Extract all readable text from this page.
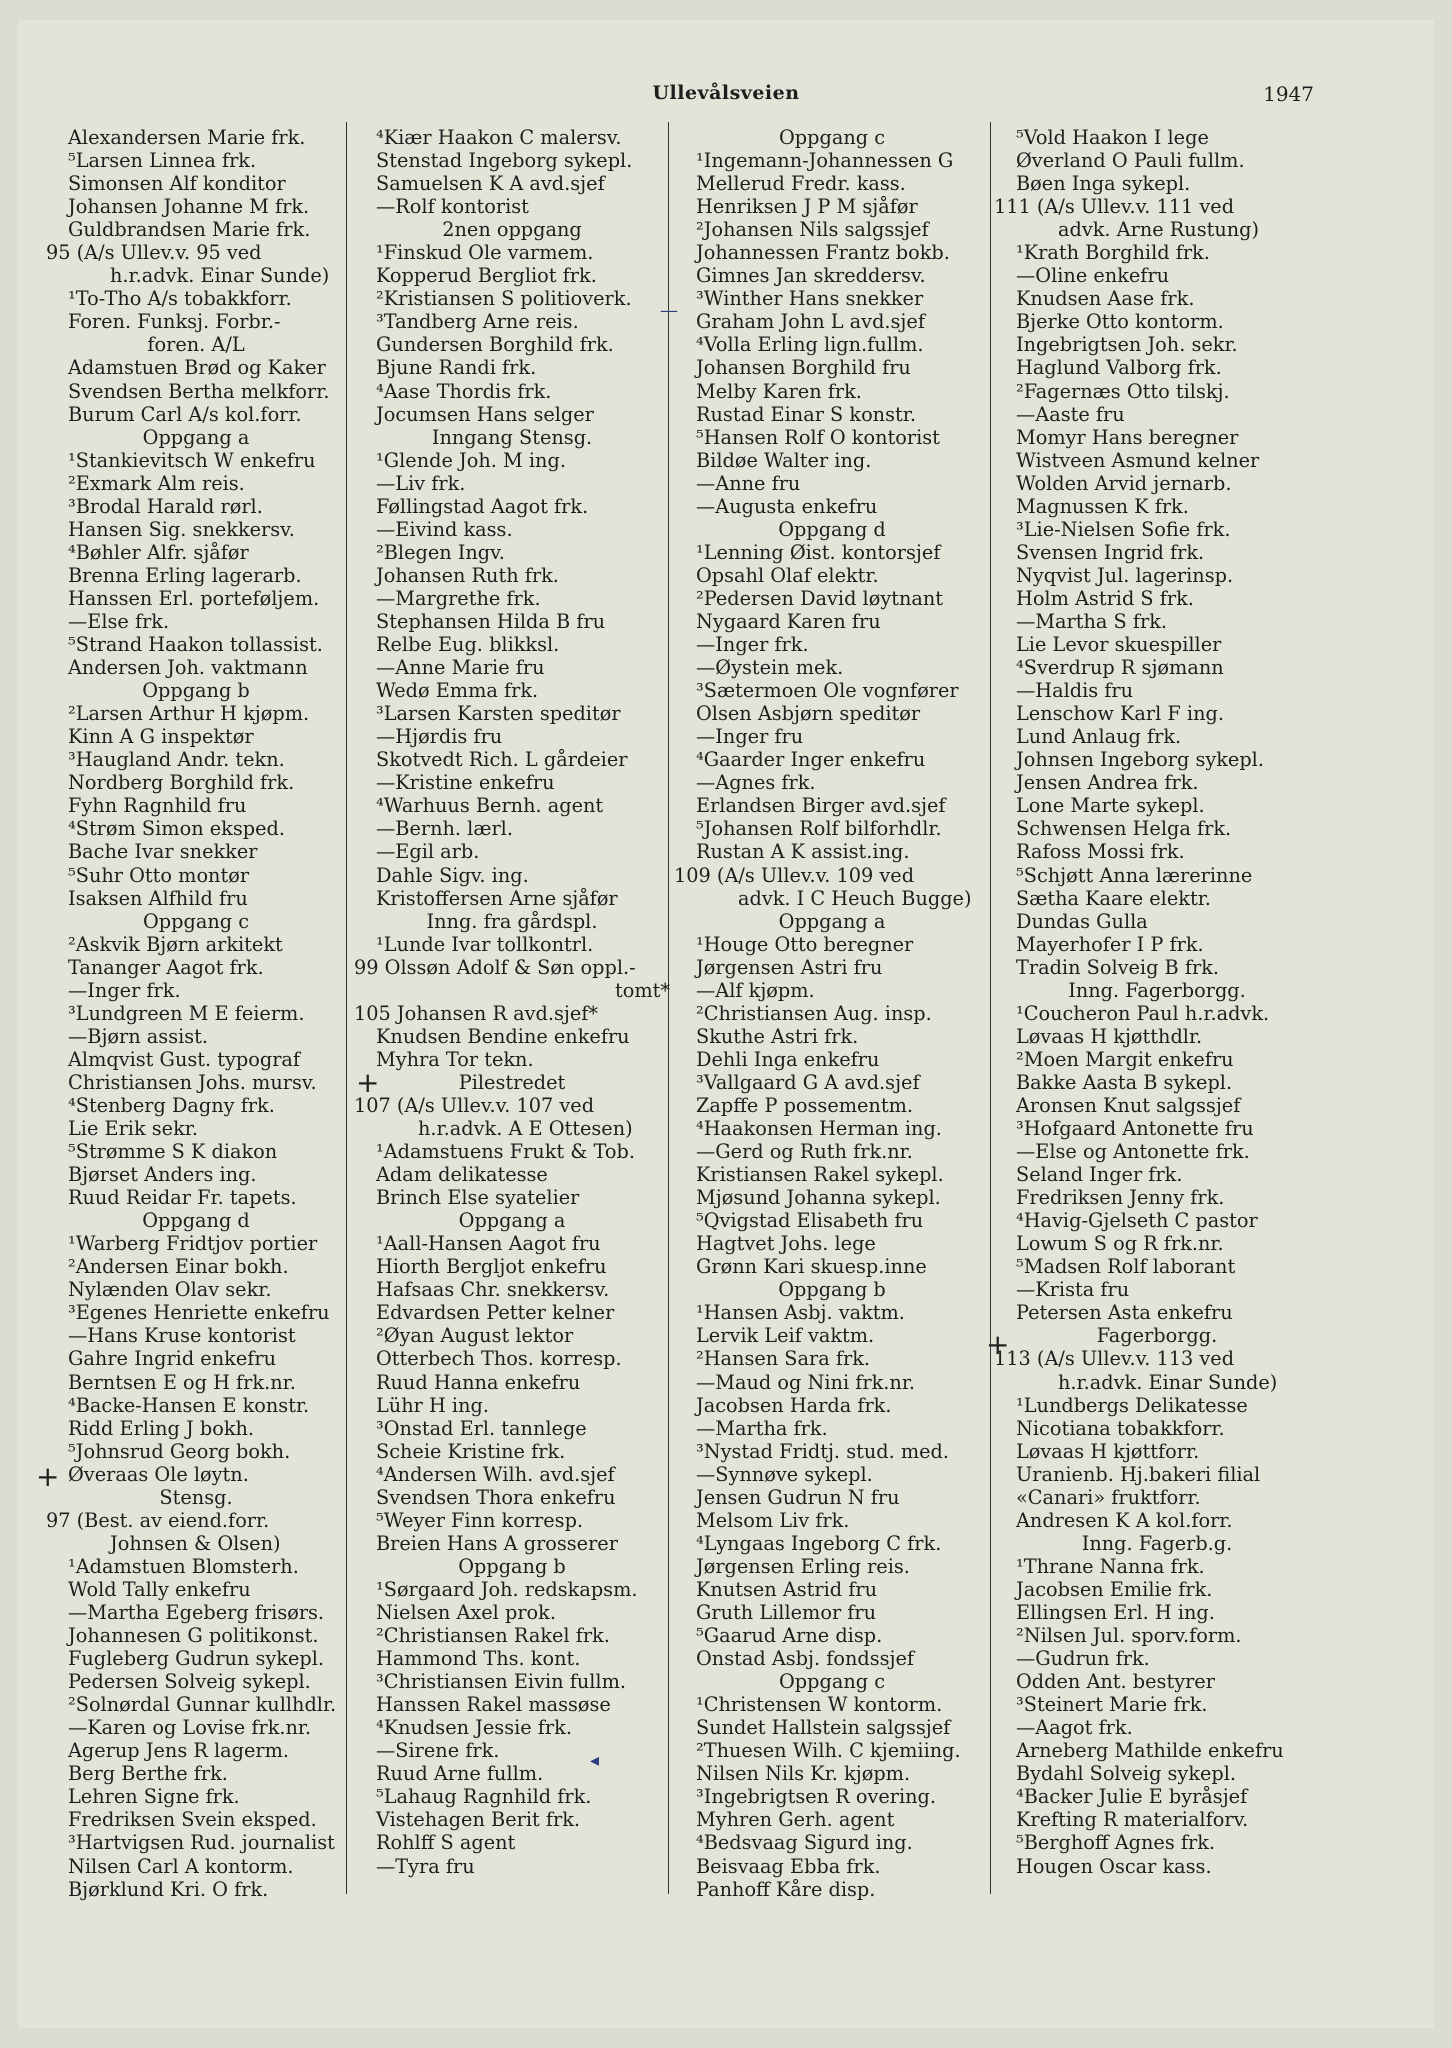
Ullevålsveien	1947
Alexandersen Marie frk.
⁵Larsen Linnea frk.
Simonsen Alf konditor
Johansen Johanne M frk.
Guldbrandsen Marie frk.
95 (A/s Ullev.v. 95 ved
h.r.advk. Einar Sunde)
¹To-Tho A/s tobakkforr.
Foren. Funksj. Forbr.-
foren. A/L
Adamstuen Brød og Kaker
Svendsen Bertha melkforr.
Burum Carl A/s kol.forr.
Oppgang a
¹Stankievitsch W enkefru
²Exmark Alm reis.
³Brodal Harald rørl.
Hansen Sig. snekkersv.
⁴Bøhler Alfr. sjåfør
Brenna Erling lagerarb.
Hanssen Erl. porteføljem.
—Else frk.
⁵Strand Haakon tollassist.
Andersen Joh. vaktmann
Oppgang b
²Larsen Arthur H kjøpm.
Kinn A G inspektør
³Haugland Andr. tekn.
Nordberg Borghild frk.
Fyhn Ragnhild fru
⁴Strøm Simon eksped.
Bache Ivar snekker
⁵Suhr Otto montør
Isaksen Alfhild fru
Oppgang c
²Askvik Bjørn arkitekt
Tananger Aagot frk.
—Inger frk.
³Lundgreen M E feierm.
—Bjørn assist.
Almqvist Gust. typograf
Christiansen Johs. mursv.
⁴Stenberg Dagny frk.
Lie Erik sekr.
⁵Strømme S K diakon
Bjørset Anders ing.
Ruud Reidar Fr. tapets.
Oppgang d
¹Warberg Fridtjov portier
²Andersen Einar bokh.
Nylænden Olav sekr.
³Egenes Henriette enkefru
—Hans Kruse kontorist
Gahre Ingrid enkefru
Berntsen E og H frk.nr.
⁴Backe-Hansen E konstr.
Ridd Erling J bokh.
⁵Johnsrud Georg bokh.
Øveraas Ole løytn.
Stensg.
97 (Best. av eiend.forr.
Johnsen & Olsen)
¹Adamstuen Blomsterh.
Wold Tally enkefru
—Martha Egeberg frisørs.
Johannesen G politikonst.
Fugleberg Gudrun sykepl.
Pedersen Solveig sykepl.
²Solnørdal Gunnar kullhdlr.
—Karen og Lovise frk.nr.
Agerup Jens R lagerm.
Berg Berthe frk.
Lehren Signe frk.
Fredriksen Svein eksped.
³Hartvigsen Rud. journalist
Nilsen Carl A kontorm.
Bjørklund Kri. O frk.
⁴Kiær Haakon C malersv.
Stenstad Ingeborg sykepl.
Samuelsen K A avd.sjef
—Rolf kontorist
2nen oppgang
¹Finskud Ole varmem.
Kopperud Bergliot frk.
²Kristiansen S politioverk.
³Tandberg Arne reis.
Gundersen Borghild frk.
Bjune Randi frk.
⁴Aase Thordis frk.
Jocumsen Hans selger
Inngang Stensg.
¹Glende Joh. M ing.
—Liv frk.
Føllingstad Aagot frk.
—Eivind kass.
²Blegen Ingv.
Johansen Ruth frk.
—Margrethe frk.
Stephansen Hilda B fru
Relbe Eug. blikksl.
—Anne Marie fru
Wedø Emma frk.
³Larsen Karsten speditør
—Hjørdis fru
Skotvedt Rich. L gårdeier
—Kristine enkefru
⁴Warhuus Bernh. agent
—Bernh. lærl.
—Egil arb.
Dahle Sigv. ing.
Kristoffersen Arne sjåfør
Inng. fra gårdspl.
¹Lunde Ivar tollkontrl.
99 Olssøn Adolf & Søn oppl.-
tomt*
105 Johansen R avd.sjef*
Knudsen Bendine enkefru
Myhra Tor tekn.
Pilestredet
107 (A/s Ullev.v. 107 ved
h.r.advk. A E Ottesen)
¹Adamstuens Frukt & Tob.
Adam delikatesse
Brinch Else syatelier
Oppgang a
¹Aall-Hansen Aagot fru
Hiorth Bergljot enkefru
Hafsaas Chr. snekkersv.
Edvardsen Petter kelner
²Øyan August lektor
Otterbech Thos. korresp.
Ruud Hanna enkefru
Lühr H ing.
³Onstad Erl. tannlege
Scheie Kristine frk.
⁴Andersen Wilh. avd.sjef
Svendsen Thora enkefru
⁵Weyer Finn korresp.
Breien Hans A grosserer
Oppgang b
¹Sørgaard Joh. redskapsm.
Nielsen Axel prok.
²Christiansen Rakel frk.
Hammond Ths. kont.
³Christiansen Eivin fullm.
Hanssen Rakel massøse
⁴Knudsen Jessie frk.
—Sirene frk.
Ruud Arne fullm.
⁵Lahaug Ragnhild frk.
Vistehagen Berit frk.
Rohlff S agent
—Tyra fru
Oppgang c
¹Ingemann-Johannessen G
Mellerud Fredr. kass.
Henriksen J P M sjåfør
²Johansen Nils salgssjef
Johannessen Frantz bokb.
Gimnes Jan skreddersv.
³Winther Hans snekker
Graham John L avd.sjef
⁴Volla Erling lign.fullm.
Johansen Borghild fru
Melby Karen frk.
Rustad Einar S konstr.
⁵Hansen Rolf O kontorist
Bildøe Walter ing.
—Anne fru
—Augusta enkefru
Oppgang d
¹Lenning Øist. kontorsjef
Opsahl Olaf elektr.
²Pedersen David løytnant
Nygaard Karen fru
—Inger frk.
—Øystein mek.
³Sætermoen Ole vognfører
Olsen Asbjørn speditør
—Inger fru
⁴Gaarder Inger enkefru
—Agnes frk.
Erlandsen Birger avd.sjef
⁵Johansen Rolf bilforhdlr.
Rustan A K assist.ing.
109 (A/s Ullev.v. 109 ved
advk. I C Heuch Bugge)
Oppgang a
¹Houge Otto beregner
Jørgensen Astri fru
—Alf kjøpm.
²Christiansen Aug. insp.
Skuthe Astri frk.
Dehli Inga enkefru
³Vallgaard G A avd.sjef
Zapffe P possementm.
⁴Haakonsen Herman ing.
—Gerd og Ruth frk.nr.
Kristiansen Rakel sykepl.
Mjøsund Johanna sykepl.
⁵Qvigstad Elisabeth fru
Hagtvet Johs. lege
Grønn Kari skuesp.inne
Oppgang b
¹Hansen Asbj. vaktm.
Lervik Leif vaktm.
²Hansen Sara frk.
—Maud og Nini frk.nr.
Jacobsen Harda frk.
—Martha frk.
³Nystad Fridtj. stud. med.
—Synnøve sykepl.
Jensen Gudrun N fru
Melsom Liv frk.
⁴Lyngaas Ingeborg C frk.
Jørgensen Erling reis.
Knutsen Astrid fru
Gruth Lillemor fru
⁵Gaarud Arne disp.
Onstad Asbj. fondssjef
Oppgang c
¹Christensen W kontorm.
Sundet Hallstein salgssjef
²Thuesen Wilh. C kjemiing.
Nilsen Nils Kr. kjøpm.
³Ingebrigtsen R overing.
Myhren Gerh. agent
⁴Bedsvaag Sigurd ing.
Beisvaag Ebba frk.
Panhoff Kåre disp.
⁵Vold Haakon I lege
Øverland O Pauli fullm.
Bøen Inga sykepl.
111 (A/s Ullev.v. 111 ved
advk. Arne Rustung)
¹Krath Borghild frk.
—Oline enkefru
Knudsen Aase frk.
Bjerke Otto kontorm.
Ingebrigtsen Joh. sekr.
Haglund Valborg frk.
²Fagernæs Otto tilskj.
—Aaste fru
Momyr Hans beregner
Wistveen Asmund kelner
Wolden Arvid jernarb.
Magnussen K frk.
³Lie-Nielsen Sofie frk.
Svensen Ingrid frk.
Nyqvist Jul. lagerinsp.
Holm Astrid S frk.
—Martha S frk.
Lie Levor skuespiller
⁴Sverdrup R sjømann
—Haldis fru
Lenschow Karl F ing.
Lund Anlaug frk.
Johnsen Ingeborg sykepl.
Jensen Andrea frk.
Lone Marte sykepl.
Schwensen Helga frk.
Rafoss Mossi frk.
⁵Schjøtt Anna lærerinne
Sætha Kaare elektr.
Dundas Gulla
Mayerhofer I P frk.
Tradin Solveig B frk.
Inng. Fagerborgg.
¹Coucheron Paul h.r.advk.
Løvaas H kjøtthdlr.
²Moen Margit enkefru
Bakke Aasta B sykepl.
Aronsen Knut salgssjef
³Hofgaard Antonette fru
—Else og Antonette frk.
Seland Inger frk.
Fredriksen Jenny frk.
⁴Havig-Gjelseth C pastor
Lowum S og R frk.nr.
⁵Madsen Rolf laborant
—Krista fru
Petersen Asta enkefru
Fagerborgg.
113 (A/s Ullev.v. 113 ved
h.r.advk. Einar Sunde)
¹Lundbergs Delikatesse
Nicotiana tobakkforr.
Løvaas H kjøttforr.
Uranienb. Hj.bakeri filial
«Canari» fruktforr.
Andresen K A kol.forr.
Inng. Fagerb.g.
¹Thrane Nanna frk.
Jacobsen Emilie frk.
Ellingsen Erl. H ing.
²Nilsen Jul. sporv.form.
—Gudrun frk.
Odden Ant. bestyrer
³Steinert Marie frk.
—Aagot frk.
Arneberg Mathilde enkefru
Bydahl Solveig sykepl.
⁴Backer Julie E byråsjef
Krefting R materialforv.
⁵Berghoff Agnes frk.
Hougen Oscar kass.
+
+
+
—
◂
